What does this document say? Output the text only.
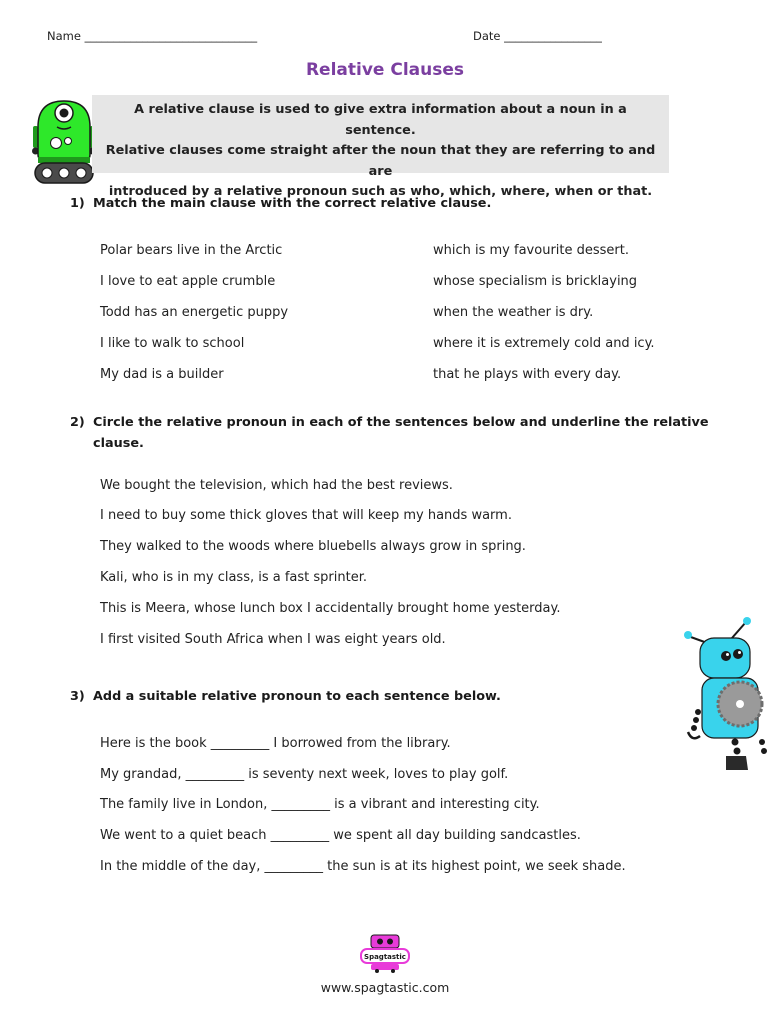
Name ______________________________	Date _________________
Relative Clauses
A relative clause is used to give extra information about a noun in a sentence.
Relative clauses come straight after the noun that they are referring to and are
introduced by a relative pronoun such as who, which, where, when or that.
1) Match the main clause with the correct relative clause.
Polar bears live in the Arctic
I love to eat apple crumble
Todd has an energetic puppy
I like to walk to school
My dad is a builder
which is my favourite dessert.
whose specialism is bricklaying
when the weather is dry.
where it is extremely cold and icy.
that he plays with every day.
2) Circle the relative pronoun in each of the sentences below and underline the relative
clause.
We bought the television, which had the best reviews.
I need to buy some thick gloves that will keep my hands warm.
They walked to the woods where bluebells always grow in spring.
Kali, who is in my class, is a fast sprinter.
This is Meera, whose lunch box I accidentally brought home yesterday.
I first visited South Africa when I was eight years old.
3) Add a suitable relative pronoun to each sentence below.
Here is the book _________ I borrowed from the library.
My grandad, _________ is seventy next week, loves to play golf.
The family live in London, _________ is a vibrant and interesting city.
We went to a quiet beach _________ we spent all day building sandcastles.
In the middle of the day, _________ the sun is at its highest point, we seek shade.
Spagtastic
www.spagtastic.com
